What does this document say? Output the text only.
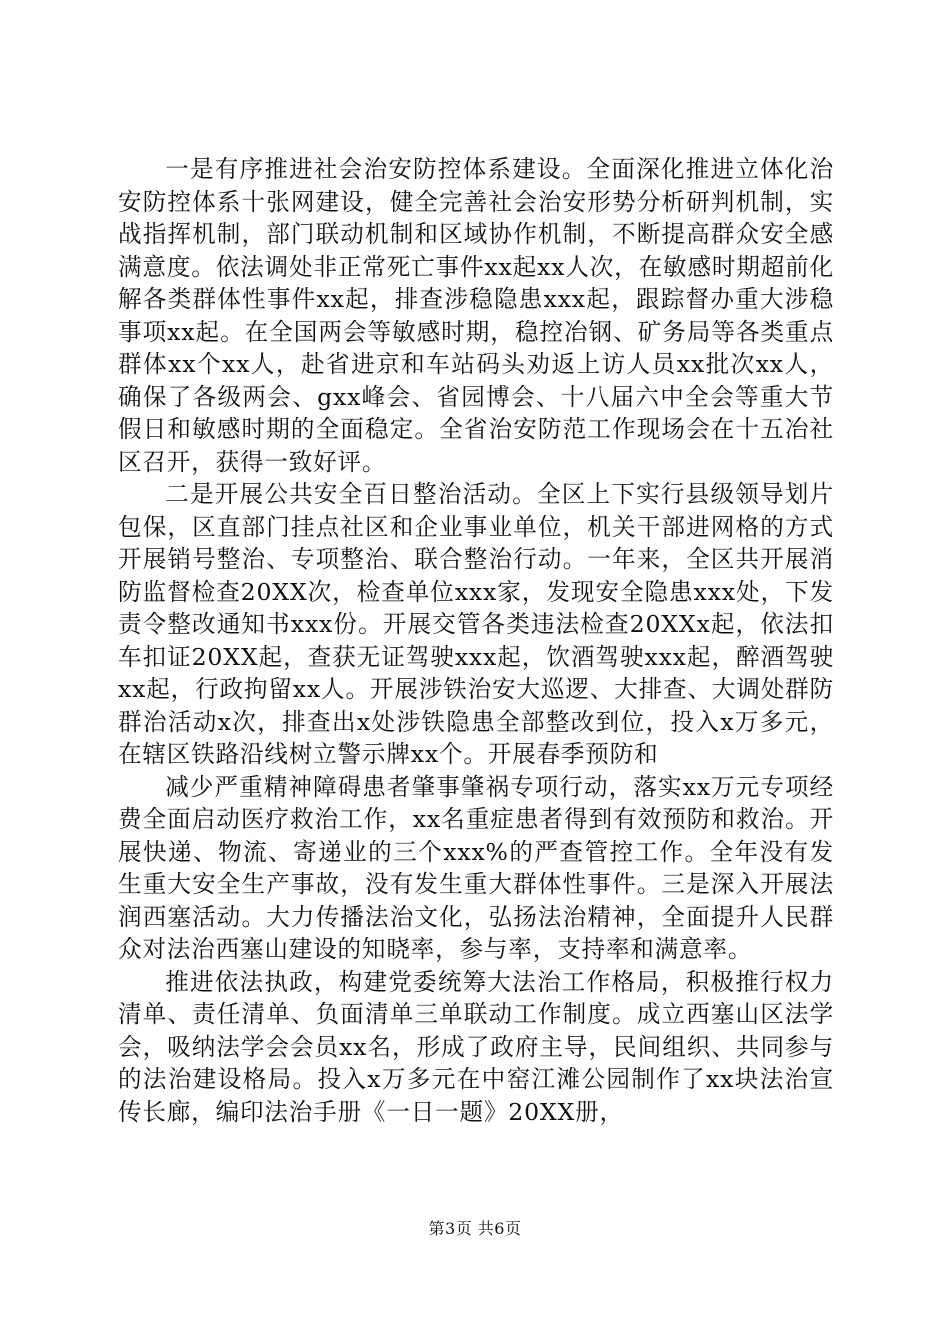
一是有序推进社会治安防控体系建设。全面深化推进立体化治安防控体系十张网建设，健全完善社会治安形势分析研判机制，实战指挥机制，部门联动机制和区域协作机制，不断提高群众安全感满意度。依法调处非正常死亡事件xx起xx人次，在敏感时期超前化解各类群体性事件xx起，排查涉稳隐患xxx起，跟踪督办重大涉稳事项xx起。在全国两会等敏感时期，稳控冶钢、矿务局等各类重点群体xx个xx人，赴省进京和车站码头劝返上访人员xx批次xx人，确保了各级两会、gxx峰会、省园博会、十八届六中全会等重大节假日和敏感时期的全面稳定。全省治安防范工作现场会在十五冶社区召开，获得一致好评。

二是开展公共安全百日整治活动。全区上下实行县级领导划片包保，区直部门挂点社区和企业事业单位，机关干部进网格的方式开展销号整治、专项整治、联合整治行动。一年来，全区共开展消防监督检查20XX次，检查单位xxx家，发现安全隐患xxx处，下发责令整改通知书xxx份。开展交管各类违法检查20XXx起，依法扣车扣证20XX起，查获无证驾驶xxx起，饮酒驾驶xxx起，醉酒驾驶xx起，行政拘留xx人。开展涉铁治安大巡逻、大排查、大调处群防群治活动x次，排查出x处涉铁隐患全部整改到位，投入x万多元，在辖区铁路沿线树立警示牌xx个。开展春季预防和

减少严重精神障碍患者肇事肇祸专项行动，落实xx万元专项经费全面启动医疗救治工作，xx名重症患者得到有效预防和救治。开展快递、物流、寄递业的三个xxx%的严查管控工作。全年没有发生重大安全生产事故，没有发生重大群体性事件。三是深入开展法润西塞活动。大力传播法治文化，弘扬法治精神，全面提升人民群众对法治西塞山建设的知晓率，参与率，支持率和满意率。

推进依法执政，构建党委统筹大法治工作格局，积极推行权力清单、责任清单、负面清单三单联动工作制度。成立西塞山区法学会，吸纳法学会会员xx名，形成了政府主导，民间组织、共同参与的法治建设格局。投入x万多元在中窑江滩公园制作了xx块法治宣传长廊，编印法治手册《一日一题》20XX册，

第3页 共6页
